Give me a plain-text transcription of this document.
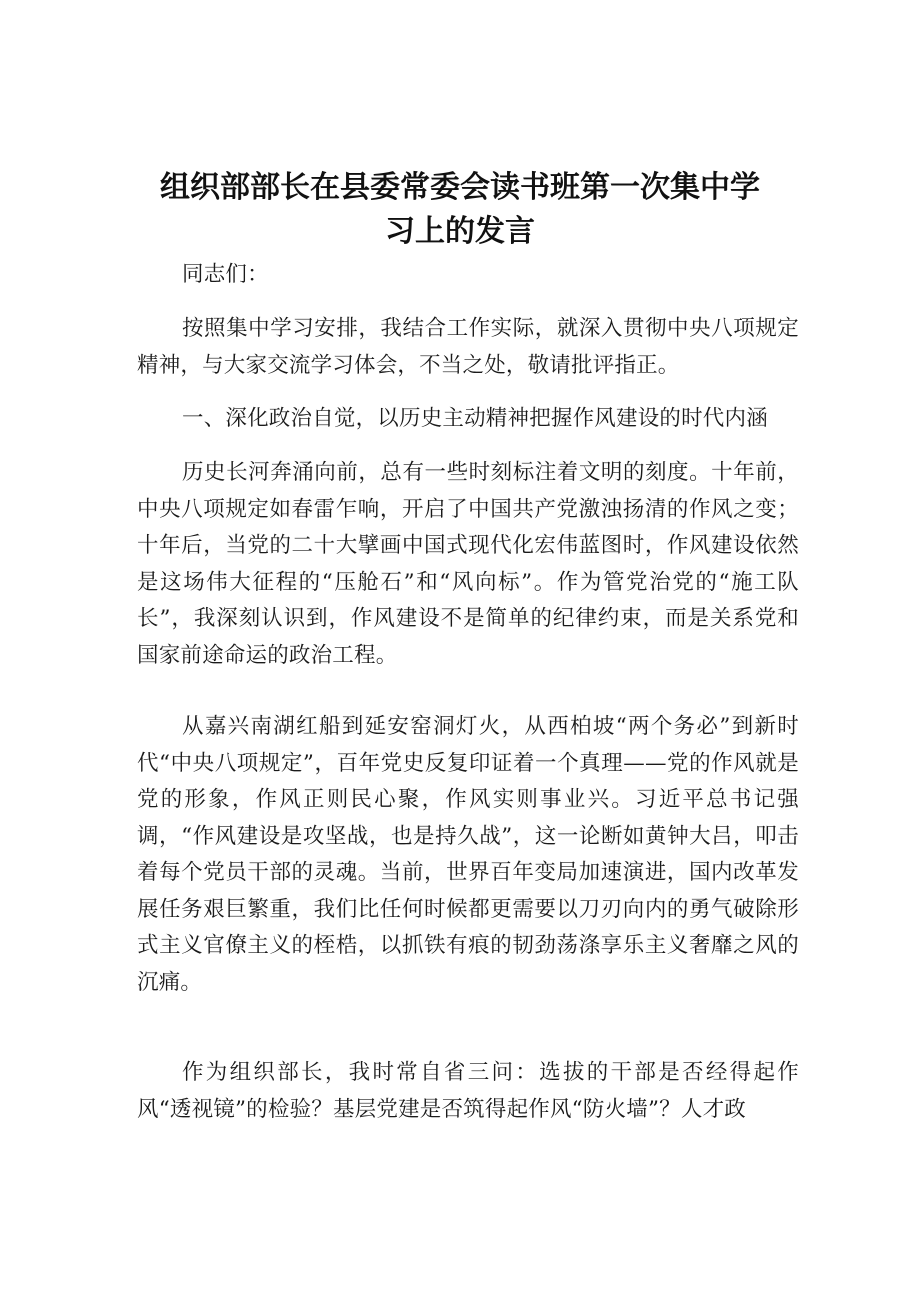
组织部部长在县委常委会读书班第一次集中学习上的发言

同志们：

按照集中学习安排，我结合工作实际，就深入贯彻中央八项规定精神，与大家交流学习体会，不当之处，敬请批评指正。

一、深化政治自觉，以历史主动精神把握作风建设的时代内涵

历史长河奔涌向前，总有一些时刻标注着文明的刻度。十年前，中央八项规定如春雷乍响，开启了中国共产党激浊扬清的作风之变；十年后，当党的二十大擘画中国式现代化宏伟蓝图时，作风建设依然是这场伟大征程的“压舱石”和“风向标”。作为管党治党的“施工队长”，我深刻认识到，作风建设不是简单的纪律约束，而是关系党和国家前途命运的政治工程。

从嘉兴南湖红船到延安窑洞灯火，从西柏坡“两个务必”到新时代“中央八项规定”，百年党史反复印证着一个真理——党的作风就是党的形象，作风正则民心聚，作风实则事业兴。习近平总书记强调，“作风建设是攻坚战，也是持久战”，这一论断如黄钟大吕，叩击着每个党员干部的灵魂。当前，世界百年变局加速演进，国内改革发展任务艰巨繁重，我们比任何时候都更需要以刀刃向内的勇气破除形式主义官僚主义的桎梏，以抓铁有痕的韧劲荡涤享乐主义奢靡之风的沉痛。

作为组织部长，我时常自省三问：选拔的干部是否经得起作风“透视镜”的检验？基层党建是否筑得起作风“防火墙”？人才政
